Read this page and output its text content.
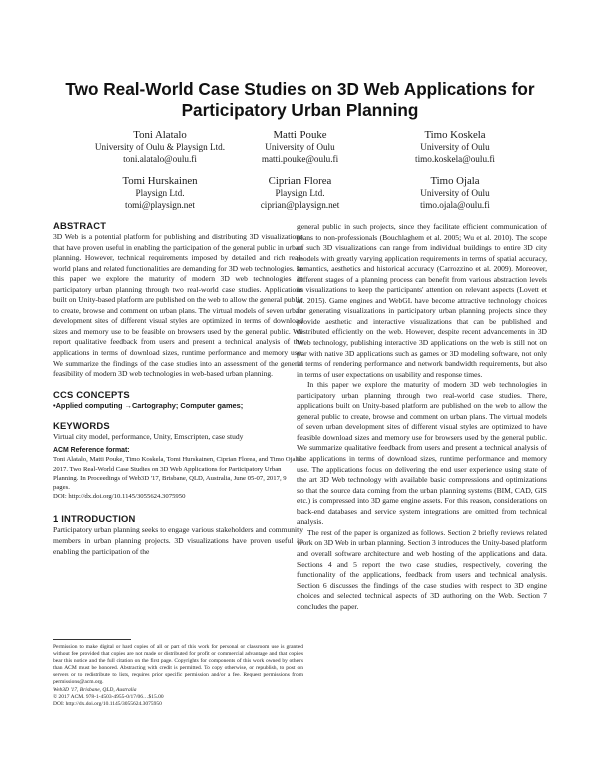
Two Real-World Case Studies on 3D Web Applications for Participatory Urban Planning
Toni Alatalo
University of Oulu & Playsign Ltd.
toni.alatalo@oulu.fi
Matti Pouke
University of Oulu
matti.pouke@oulu.fi
Timo Koskela
University of Oulu
timo.koskela@oulu.fi
Tomi Hurskainen
Playsign Ltd.
tomi@playsign.net
Ciprian Florea
Playsign Ltd.
ciprian@playsign.net
Timo Ojala
University of Oulu
timo.ojala@oulu.fi
ABSTRACT

3D Web is a potential platform for publishing and distributing 3D visualizations that have proven useful in enabling the participation of the general public in urban planning. However, technical requirements imposed by detailed and rich real-world plans and related functionalities are demanding for 3D web technologies. In this paper we explore the maturity of modern 3D web technologies in participatory urban planning through two real-world case studies. Applications built on Unity-based platform are published on the web to allow the general public to create, browse and comment on urban plans. The virtual models of seven urban development sites of different visual styles are optimized in terms of download sizes and memory use to be feasible on browsers used by the general public. We report qualitative feedback from users and present a technical analysis of the applications in terms of download sizes, runtime performance and memory use. We summarize the findings of the case studies into an assessment of the general feasibility of modern 3D web technologies in web-based urban planning.

CCS CONCEPTS
•Applied computing →Cartography; Computer games;
KEYWORDS

Virtual city model, performance, Unity, Emscripten, case study

ACM Reference format:
Toni Alatalo, Matti Pouke, Timo Koskela, Tomi Hurskainen, Ciprian Florea, and Timo Ojala. 2017. Two Real-World Case Studies on 3D Web Applications for Participatory Urban Planning. In Proceedings of Web3D '17, Brisbane, QLD, Australia, June 05-07, 2017, 9 pages.
DOI: http://dx.doi.org/10.1145/3055624.3075950
1 INTRODUCTION

Participatory urban planning seeks to engage various stakeholders and community members in urban planning projects. 3D visualizations have proven useful in enabling the participation of the

Permission to make digital or hard copies of all or part of this work for personal or classroom use is granted without fee provided that copies are not made or distributed for profit or commercial advantage and that copies bear this notice and the full citation on the first page. Copyrights for components of this work owned by others than ACM must be honored. Abstracting with credit is permitted. To copy otherwise, or republish, to post on servers or to redistribute to lists, requires prior specific permission and/or a fee. Request permissions from permissions@acm.org.
Web3D '17, Brisbane, QLD, Australia
© 2017 ACM. 978-1-4503-4955-0/17/06…$15.00
DOI: http://dx.doi.org/10.1145/3055624.3075950

general public in such projects, since they facilitate efficient communication of plans to non-professionals (Bouchlaghem et al. 2005; Wu et al. 2010). The scope of such 3D visualizations can range from individual buildings to entire 3D city models with greatly varying application requirements in terms of spatial accuracy, semantics, aesthetics and historical accuracy (Carrozzino et al. 2009). Moreover, different stages of a planning process can benefit from various abstraction levels in visualizations to keep the participants' attention on relevant aspects (Lovett et al. 2015). Game engines and WebGL have become attractive technology choices for generating visualizations in participatory urban planning projects since they provide aesthetic and interactive visualizations that can be published and distributed efficiently on the web. However, despite recent advancements in 3D Web technology, publishing interactive 3D applications on the web is still not on par with native 3D applications such as games or 3D modeling software, not only in terms of rendering performance and network bandwidth requirements, but also in terms of user expectations on usability and response times.

In this paper we explore the maturity of modern 3D web technologies in participatory urban planning through two real-world case studies. There, applications built on Unity-based platform are published on the web to allow the general public to create, browse and comment on urban plans. The virtual models of seven urban development sites of different visual styles are optimized to have feasible download sizes and memory use for browsers used by the general public. We summarize qualitative feedback from users and present a technical analysis of the applications in terms of download sizes, runtime performance and memory use. The applications focus on delivering the end user experience using state of the art 3D Web technology with available basic compressions and optimizations so that the source data coming from the urban planning systems (BIM, CAD, GIS etc.) is compressed into 3D game engine assets. For this reason, considerations on back-end databases and service system integrations are omitted from technical analysis.

The rest of the paper is organized as follows. Section 2 briefly reviews related work on 3D Web in urban planning. Section 3 introduces the Unity-based platform and overall software architecture and web hosting of the applications and data. Sections 4 and 5 report the two case studies, respectively, covering the functionality of the applications, feedback from users and technical analysis. Section 6 discusses the findings of the case studies with respect to 3D engine choices and selected technical aspects of 3D authoring on the Web. Section 7 concludes the paper.
